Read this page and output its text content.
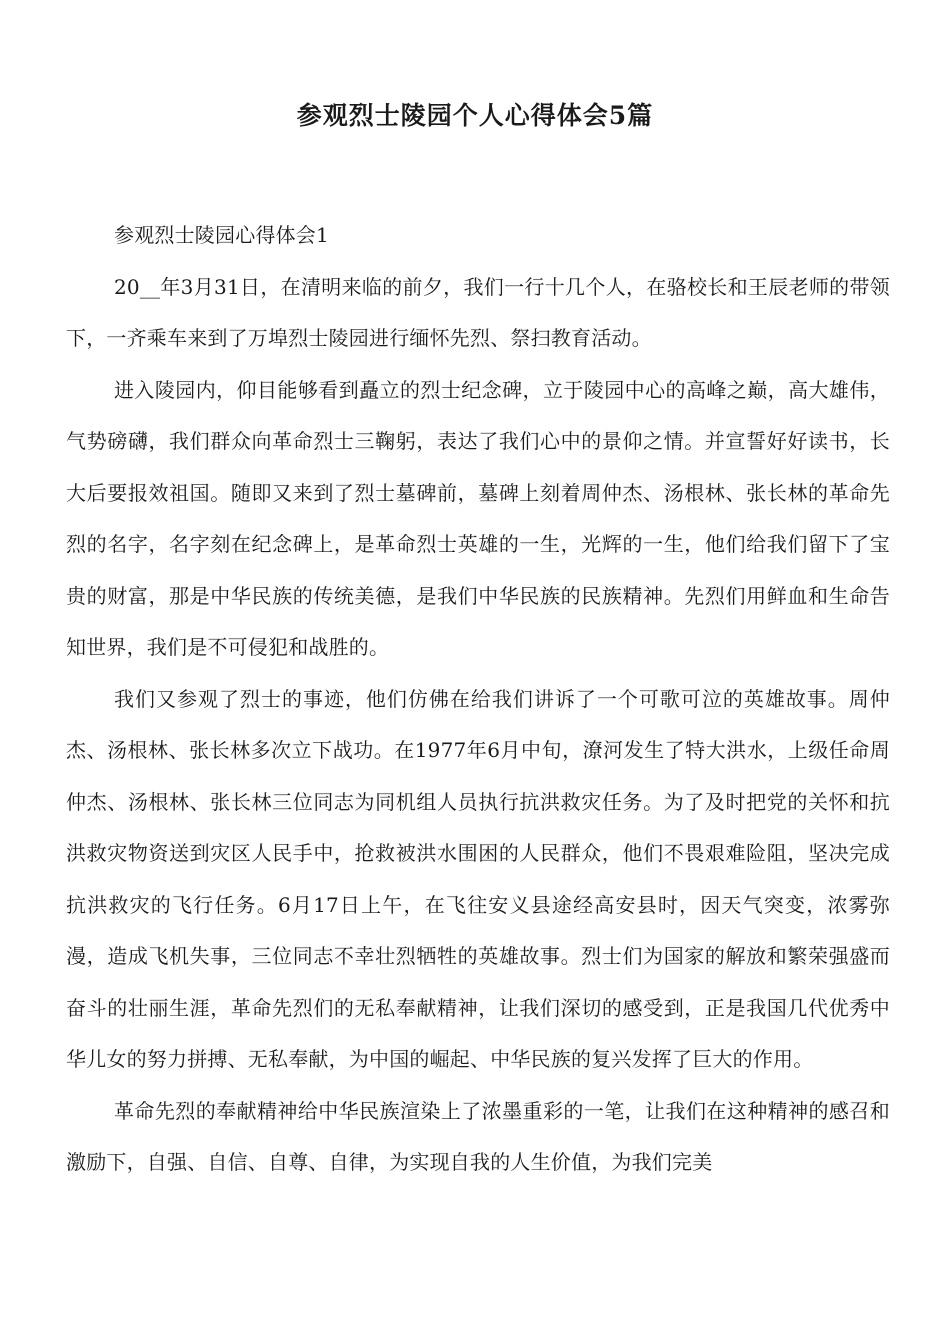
参观烈士陵园个人心得体会5篇

参观烈士陵园心得体会1

20__年3月31日，在清明来临的前夕，我们一行十几个人，在骆校长和王辰老师的带领下，一齐乘车来到了万埠烈士陵园进行缅怀先烈、祭扫教育活动。

进入陵园内，仰目能够看到矗立的烈士纪念碑，立于陵园中心的高峰之巅，高大雄伟，气势磅礴，我们群众向革命烈士三鞠躬，表达了我们心中的景仰之情。并宣誓好好读书，长大后要报效祖国。随即又来到了烈士墓碑前，墓碑上刻着周仲杰、汤根林、张长林的革命先烈的名字，名字刻在纪念碑上，是革命烈士英雄的一生，光辉的一生，他们给我们留下了宝贵的财富，那是中华民族的传统美德，是我们中华民族的民族精神。先烈们用鲜血和生命告知世界，我们是不可侵犯和战胜的。

我们又参观了烈士的事迹，他们仿佛在给我们讲诉了一个可歌可泣的英雄故事。周仲杰、汤根林、张长林多次立下战功。在1977年6月中旬，潦河发生了特大洪水，上级任命周仲杰、汤根林、张长林三位同志为同机组人员执行抗洪救灾任务。为了及时把党的关怀和抗洪救灾物资送到灾区人民手中，抢救被洪水围困的人民群众，他们不畏艰难险阻，坚决完成抗洪救灾的飞行任务。6月17日上午，在飞往安义县途经高安县时，因天气突变，浓雾弥漫，造成飞机失事，三位同志不幸壮烈牺牲的英雄故事。烈士们为国家的解放和繁荣强盛而奋斗的壮丽生涯，革命先烈们的无私奉献精神，让我们深切的感受到，正是我国几代优秀中华儿女的努力拼搏、无私奉献，为中国的崛起、中华民族的复兴发挥了巨大的作用。

革命先烈的奉献精神给中华民族渲染上了浓墨重彩的一笔，让我们在这种精神的感召和激励下，自强、自信、自尊、自律，为实现自我的人生价值，为我们完美
